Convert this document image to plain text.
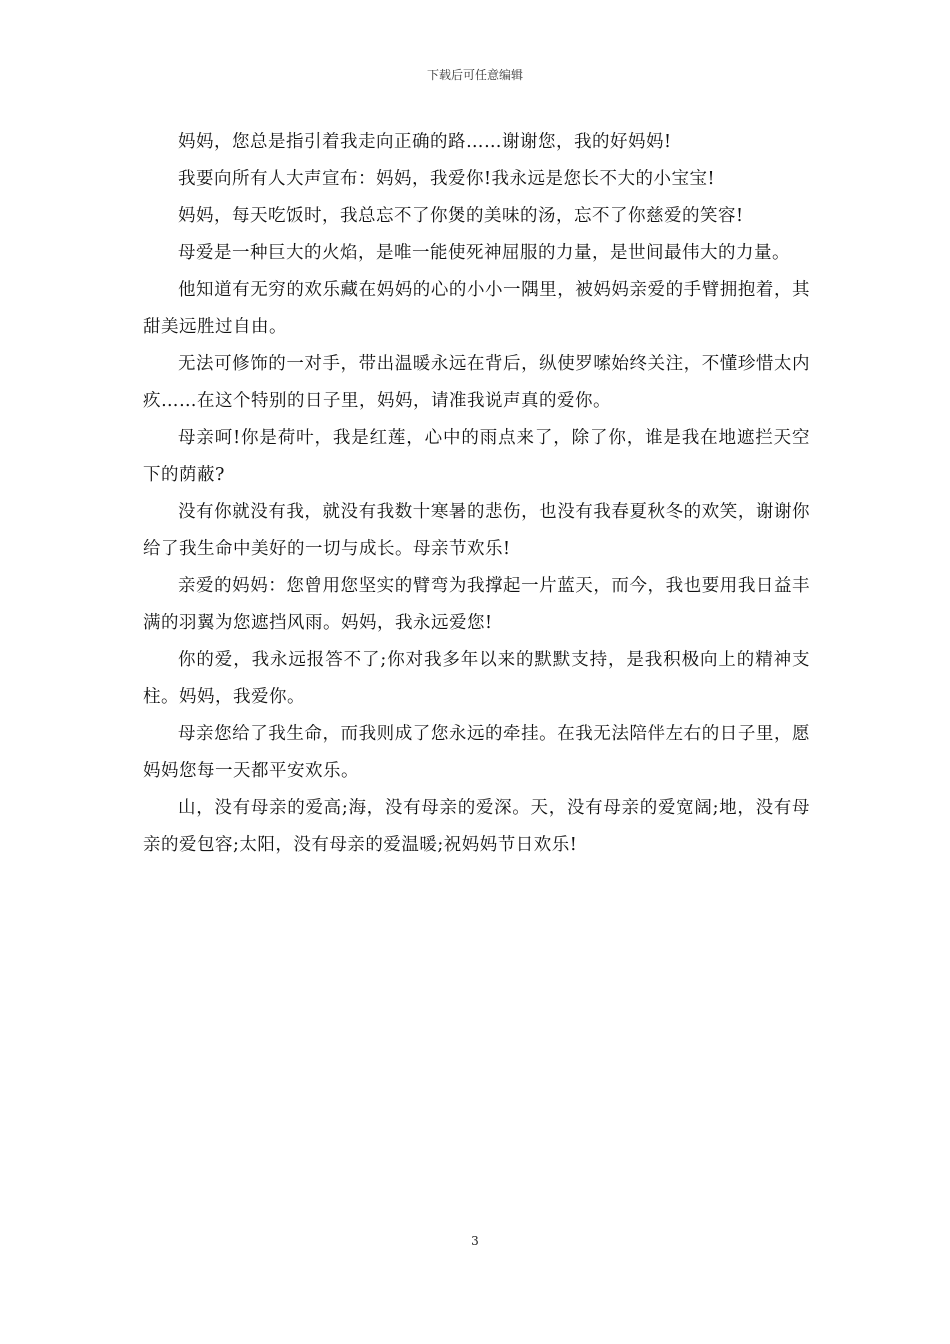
下载后可任意编辑

妈妈，您总是指引着我走向正确的路……谢谢您，我的好妈妈!

我要向所有人大声宣布：妈妈，我爱你!我永远是您长不大的小宝宝!

妈妈，每天吃饭时，我总忘不了你煲的美味的汤，忘不了你慈爱的笑容!

母爱是一种巨大的火焰，是唯一能使死神屈服的力量，是世间最伟大的力量。

他知道有无穷的欢乐藏在妈妈的心的小小一隅里，被妈妈亲爱的手臂拥抱着，其甜美远胜过自由。

无法可修饰的一对手，带出温暖永远在背后，纵使罗嗦始终关注，不懂珍惜太内疚……在这个特别的日子里，妈妈，请准我说声真的爱你。

母亲呵!你是荷叶，我是红莲，心中的雨点来了，除了你，谁是我在地遮拦天空下的荫蔽?

没有你就没有我，就没有我数十寒暑的悲伤，也没有我春夏秋冬的欢笑，谢谢你给了我生命中美好的一切与成长。母亲节欢乐!

亲爱的妈妈：您曾用您坚实的臂弯为我撑起一片蓝天，而今，我也要用我日益丰满的羽翼为您遮挡风雨。妈妈，我永远爱您!

你的爱，我永远报答不了;你对我多年以来的默默支持，是我积极向上的精神支柱。妈妈，我爱你。

母亲您给了我生命，而我则成了您永远的牵挂。在我无法陪伴左右的日子里，愿妈妈您每一天都平安欢乐。

山，没有母亲的爱高;海，没有母亲的爱深。天，没有母亲的爱宽阔;地，没有母亲的爱包容;太阳，没有母亲的爱温暖;祝妈妈节日欢乐!

3
